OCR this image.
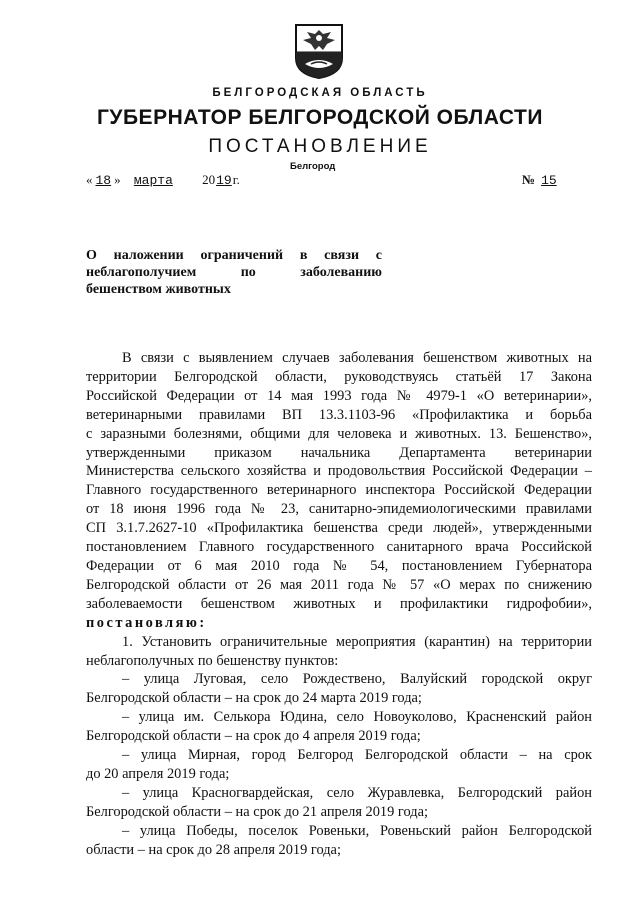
БЕЛГОРОДСКАЯ ОБЛАСТЬ
ГУБЕРНАТОР БЕЛГОРОДСКОЙ ОБЛАСТИ
ПОСТАНОВЛЕНИЕ
Белгород
« 18 » марта 2019г.	№ 15
О наложении ограничений в связи с
неблагополучием по заболеванию
бешенством животных
В связи с выявлением случаев заболевания бешенством животных на
территории Белгородской области, руководствуясь статьёй 17 Закона
Российской Федерации от 14 мая 1993 года № 4979-1 «О ветеринарии»,
ветеринарными правилами ВП 13.3.1103-96 «Профилактика и борьба
с заразными болезнями, общими для человека и животных. 13. Бешенство»,
утвержденными приказом начальника Департамента ветеринарии
Министерства сельского хозяйства и продовольствия Российской Федерации –
Главного государственного ветеринарного инспектора Российской Федерации
от 18 июня 1996 года № 23, санитарно-эпидемиологическими правилами
СП 3.1.7.2627-10 «Профилактика бешенства среди людей», утвержденными
постановлением Главного государственного санитарного врача Российской
Федерации от 6 мая 2010 года № 54, постановлением Губернатора
Белгородской области от 26 мая 2011 года № 57 «О мерах по снижению
заболеваемости бешенством животных и профилактики гидрофобии»,
постановляю:
1. Установить ограничительные мероприятия (карантин) на территории
неблагополучных по бешенству пунктов:
– улица Луговая, село Рождествено, Валуйский городской округ
Белгородской области – на срок до 24 марта 2019 года;
– улица им. Селькора Юдина, село Новоуколово, Красненский район
Белгородской области – на срок до 4 апреля 2019 года;
– улица Мирная, город Белгород Белгородской области – на срок
до 20 апреля 2019 года;
– улица Красногвардейская, село Журавлевка, Белгородский район
Белгородской области – на срок до 21 апреля 2019 года;
– улица Победы, поселок Ровеньки, Ровеньский район Белгородской
области – на срок до 28 апреля 2019 года;
